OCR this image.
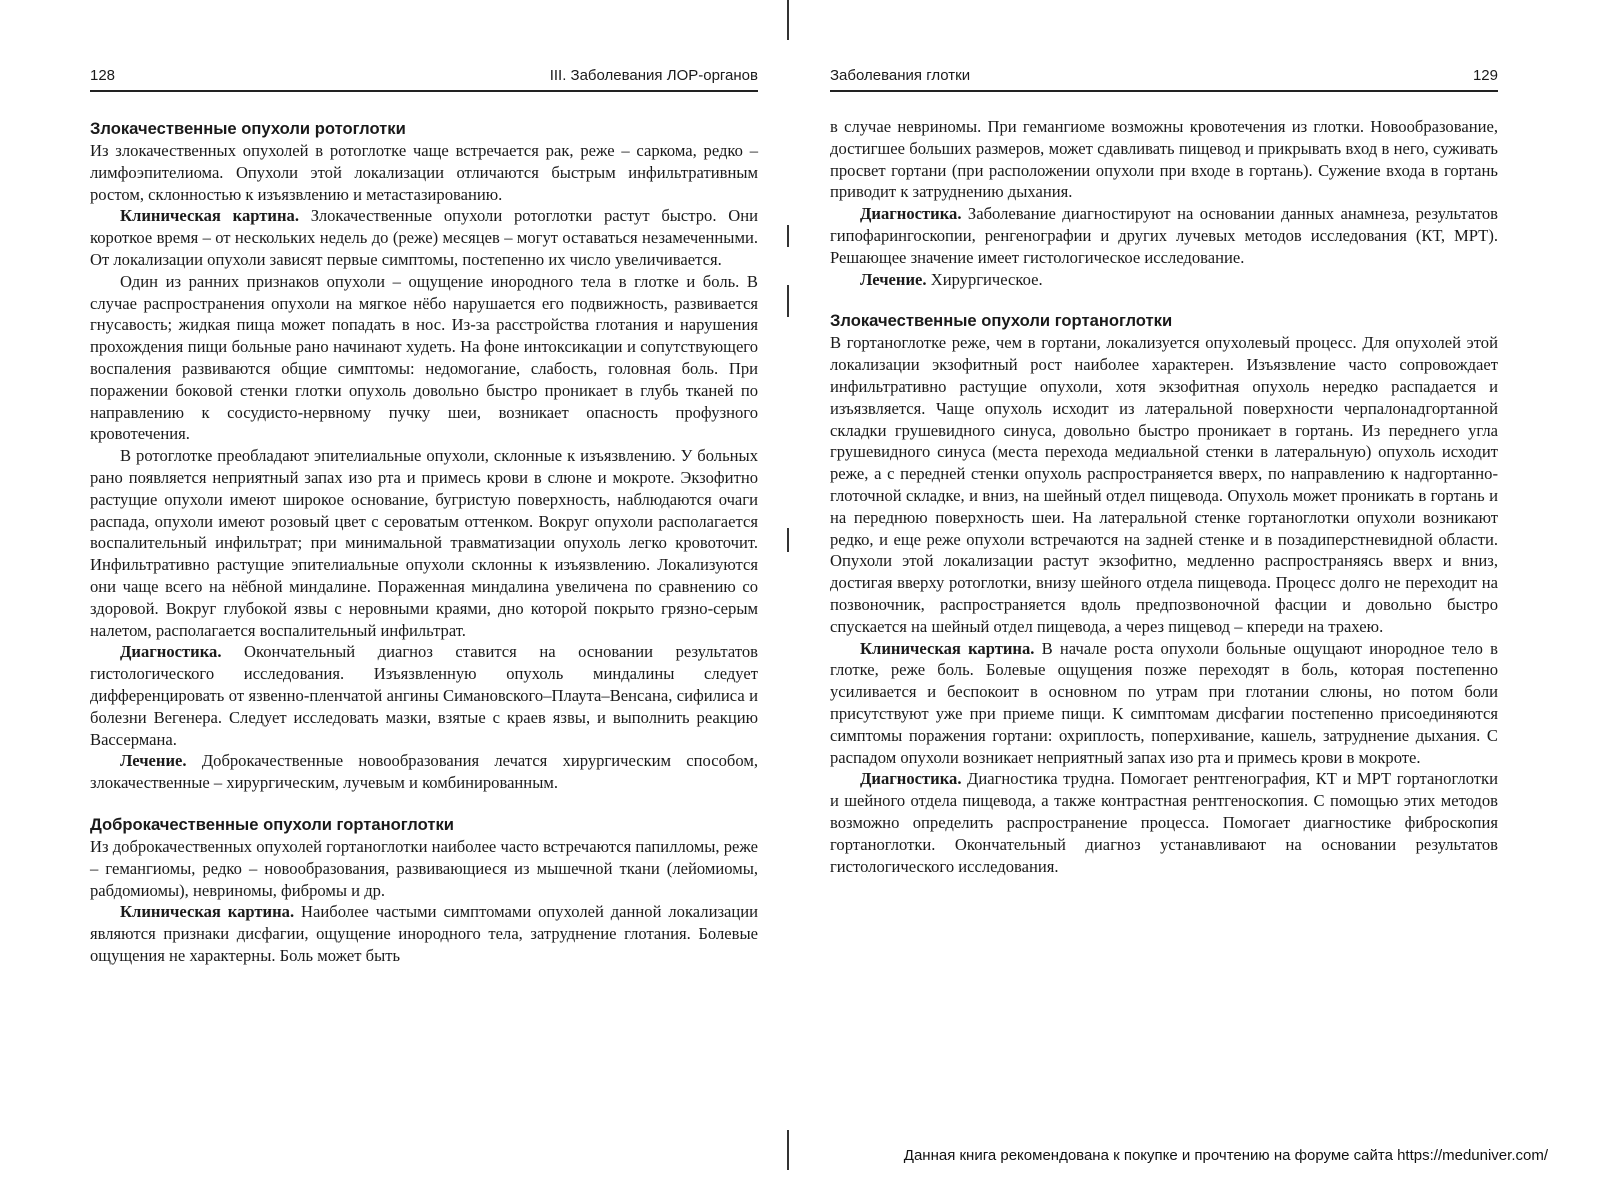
128	III. Заболевания ЛОР-органов
Злокачественные опухоли ротоглотки

Из злокачественных опухолей в ротоглотке чаще встречается рак, реже – саркома, редко – лимфоэпителиома. Опухоли этой локализации отличаются быстрым инфильтративным ростом, склонностью к изъязвлению и метастазированию.

Клиническая картина. Злокачественные опухоли ротоглотки растут быстро. Они короткое время – от нескольких недель до (реже) месяцев – могут оставаться незамеченными. От локализации опухоли зависят первые симптомы, постепенно их число увеличивается.

Один из ранних признаков опухоли – ощущение инородного тела в глотке и боль. В случае распространения опухоли на мягкое нёбо нарушается его подвижность, развивается гнусавость; жидкая пища может попадать в нос. Из-за расстройства глотания и нарушения прохождения пищи больные рано начинают худеть. На фоне интоксикации и сопутствующего воспаления развиваются общие симптомы: недомогание, слабость, головная боль. При поражении боковой стенки глотки опухоль довольно быстро проникает в глубь тканей по направлению к сосудисто-нервному пучку шеи, возникает опасность профузного кровотечения.

В ротоглотке преобладают эпителиальные опухоли, склонные к изъязвлению. У больных рано появляется неприятный запах изо рта и примесь крови в слюне и мокроте. Экзофитно растущие опухоли имеют широкое основание, бугристую поверхность, наблюдаются очаги распада, опухоли имеют розовый цвет с сероватым оттенком. Вокруг опухоли располагается воспалительный инфильтрат; при минимальной травматизации опухоль легко кровоточит. Инфильтративно растущие эпителиальные опухоли склонны к изъязвлению. Локализуются они чаще всего на нёбной миндалине. Пораженная миндалина увеличена по сравнению со здоровой. Вокруг глубокой язвы с неровными краями, дно которой покрыто грязно-серым налетом, располагается воспалительный инфильтрат.

Диагностика. Окончательный диагноз ставится на основании результатов гистологического исследования. Изъязвленную опухоль миндалины следует дифференцировать от язвенно-пленчатой ангины Симановского–Плаута–Венсана, сифилиса и болезни Вегенера. Следует исследовать мазки, взятые с краев язвы, и выполнить реакцию Вассермана.

Лечение. Доброкачественные новообразования лечатся хирургическим способом, злокачественные – хирургическим, лучевым и комбинированным.

Доброкачественные опухоли гортаноглотки

Из доброкачественных опухолей гортаноглотки наиболее часто встречаются папилломы, реже – гемангиомы, редко – новообразования, развивающиеся из мышечной ткани (лейомиомы, рабдомиомы), невриномы, фибромы и др.

Клиническая картина. Наиболее частыми симптомами опухолей данной локализации являются признаки дисфагии, ощущение инородного тела, затруднение глотания. Болевые ощущения не характерны. Боль может быть

Заболевания глотки	129

в случае невриномы. При гемангиоме возможны кровотечения из глотки. Новообразование, достигшее больших размеров, может сдавливать пищевод и прикрывать вход в него, суживать просвет гортани (при расположении опухоли при входе в гортань). Сужение входа в гортань приводит к затруднению дыхания.

Диагностика. Заболевание диагностируют на основании данных анамнеза, результатов гипофарингоскопии, ренгенографии и других лучевых методов исследования (КТ, МРТ). Решающее значение имеет гистологическое исследование.

Лечение. Хирургическое.

Злокачественные опухоли гортаноглотки

В гортаноглотке реже, чем в гортани, локализуется опухолевый процесс. Для опухолей этой локализации экзофитный рост наиболее характерен. Изъязвление часто сопровождает инфильтративно растущие опухоли, хотя экзофитная опухоль нередко распадается и изъязвляется. Чаще опухоль исходит из латеральной поверхности черпалонадгортанной складки грушевидного синуса, довольно быстро проникает в гортань. Из переднего угла грушевидного синуса (места перехода медиальной стенки в латеральную) опухоль исходит реже, а с передней стенки опухоль распространяется вверх, по направлению к надгортанно-глоточной складке, и вниз, на шейный отдел пищевода. Опухоль может проникать в гортань и на переднюю поверхность шеи. На латеральной стенке гортаноглотки опухоли возникают редко, и еще реже опухоли встречаются на задней стенке и в позадиперстневидной области. Опухоли этой локализации растут экзофитно, медленно распространяясь вверх и вниз, достигая вверху ротоглотки, внизу шейного отдела пищевода. Процесс долго не переходит на позвоночник, распространяется вдоль предпозвоночной фасции и довольно быстро спускается на шейный отдел пищевода, а через пищевод – кпереди на трахею.

Клиническая картина. В начале роста опухоли больные ощущают инородное тело в глотке, реже боль. Болевые ощущения позже переходят в боль, которая постепенно усиливается и беспокоит в основном по утрам при глотании слюны, но потом боли присутствуют уже при приеме пищи. К симптомам дисфагии постепенно присоединяются симптомы поражения гортани: охриплость, поперхивание, кашель, затруднение дыхания. С распадом опухоли возникает неприятный запах изо рта и примесь крови в мокроте.

Диагностика. Диагностика трудна. Помогает рентгенография, КТ и МРТ гортаноглотки и шейного отдела пищевода, а также контрастная рентгеноскопия. С помощью этих методов возможно определить распространение процесса. Помогает диагностике фиброскопия гортаноглотки. Окончательный диагноз устанавливают на основании результатов гистологического исследования.

Данная книга рекомендована к покупке и прочтению на форуме сайта https://meduniver.com/
